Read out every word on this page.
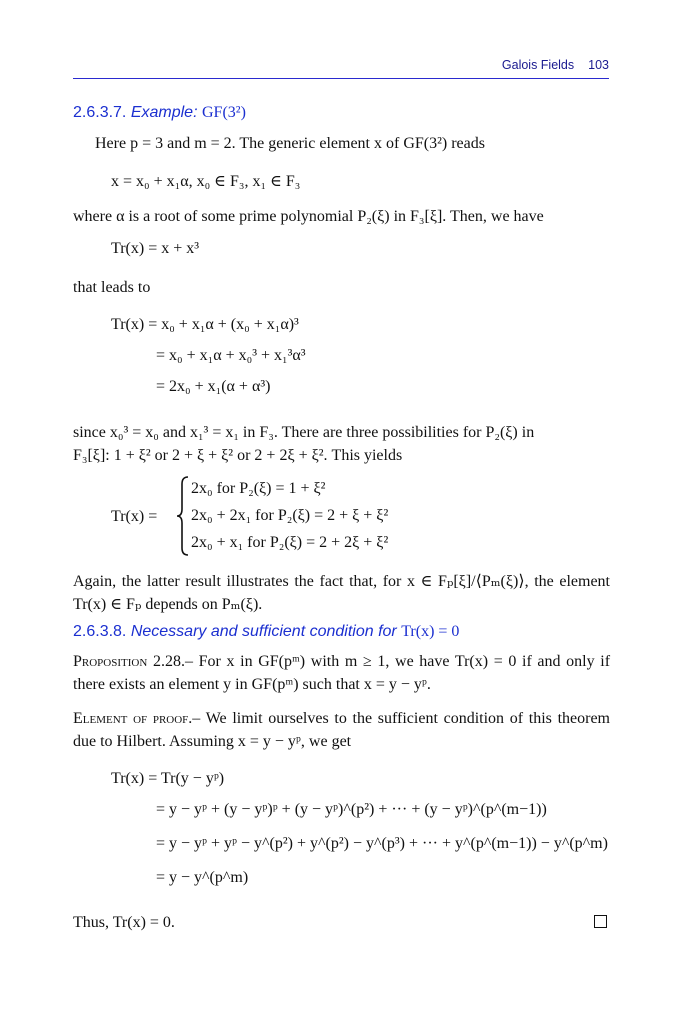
Galois Fields 103
2.6.3.7. Example: GF(3²)
Here p = 3 and m = 2. The generic element x of GF(3²) reads
x = x₀ + x₁α, x₀ ∈ F₃, x₁ ∈ F₃
where α is a root of some prime polynomial P₂(ξ) in F₃[ξ]. Then, we have
Tr(x) = x + x³
that leads to
Tr(x) = x₀ + x₁α + (x₀ + x₁α)³
= x₀ + x₁α + x₀³ + x₁³α³
= 2x₀ + x₁(α + α³)
since x₀³ = x₀ and x₁³ = x₁ in F₃. There are three possibilities for P₂(ξ) in
F₃[ξ]: 1 + ξ² or 2 + ξ + ξ² or 2 + 2ξ + ξ². This yields
Tr(x) =
2x₀ for P₂(ξ) = 1 + ξ²
2x₀ + 2x₁ for P₂(ξ) = 2 + ξ + ξ²
2x₀ + x₁ for P₂(ξ) = 2 + 2ξ + ξ²
Again, the latter result illustrates the fact that, for x ∈ Fₚ[ξ]/⟨Pₘ(ξ)⟩, the element Tr(x) ∈ Fₚ depends on Pₘ(ξ).
2.6.3.8. Necessary and sufficient condition for Tr(x) = 0
Proposition 2.28.– For x in GF(pᵐ) with m ≥ 1, we have Tr(x) = 0 if and only if there exists an element y in GF(pᵐ) such that x = y − yᵖ.
Element of proof.– We limit ourselves to the sufficient condition of this theorem due to Hilbert. Assuming x = y − yᵖ, we get
Tr(x) = Tr(y − yᵖ)
= y − yᵖ + (y − yᵖ)ᵖ + (y − yᵖ)^(p²) + ··· + (y − yᵖ)^(p^(m−1))
= y − yᵖ + yᵖ − y^(p²) + y^(p²) − y^(p³) + ··· + y^(p^(m−1)) − y^(p^m)
= y − y^(p^m)
Thus, Tr(x) = 0.
